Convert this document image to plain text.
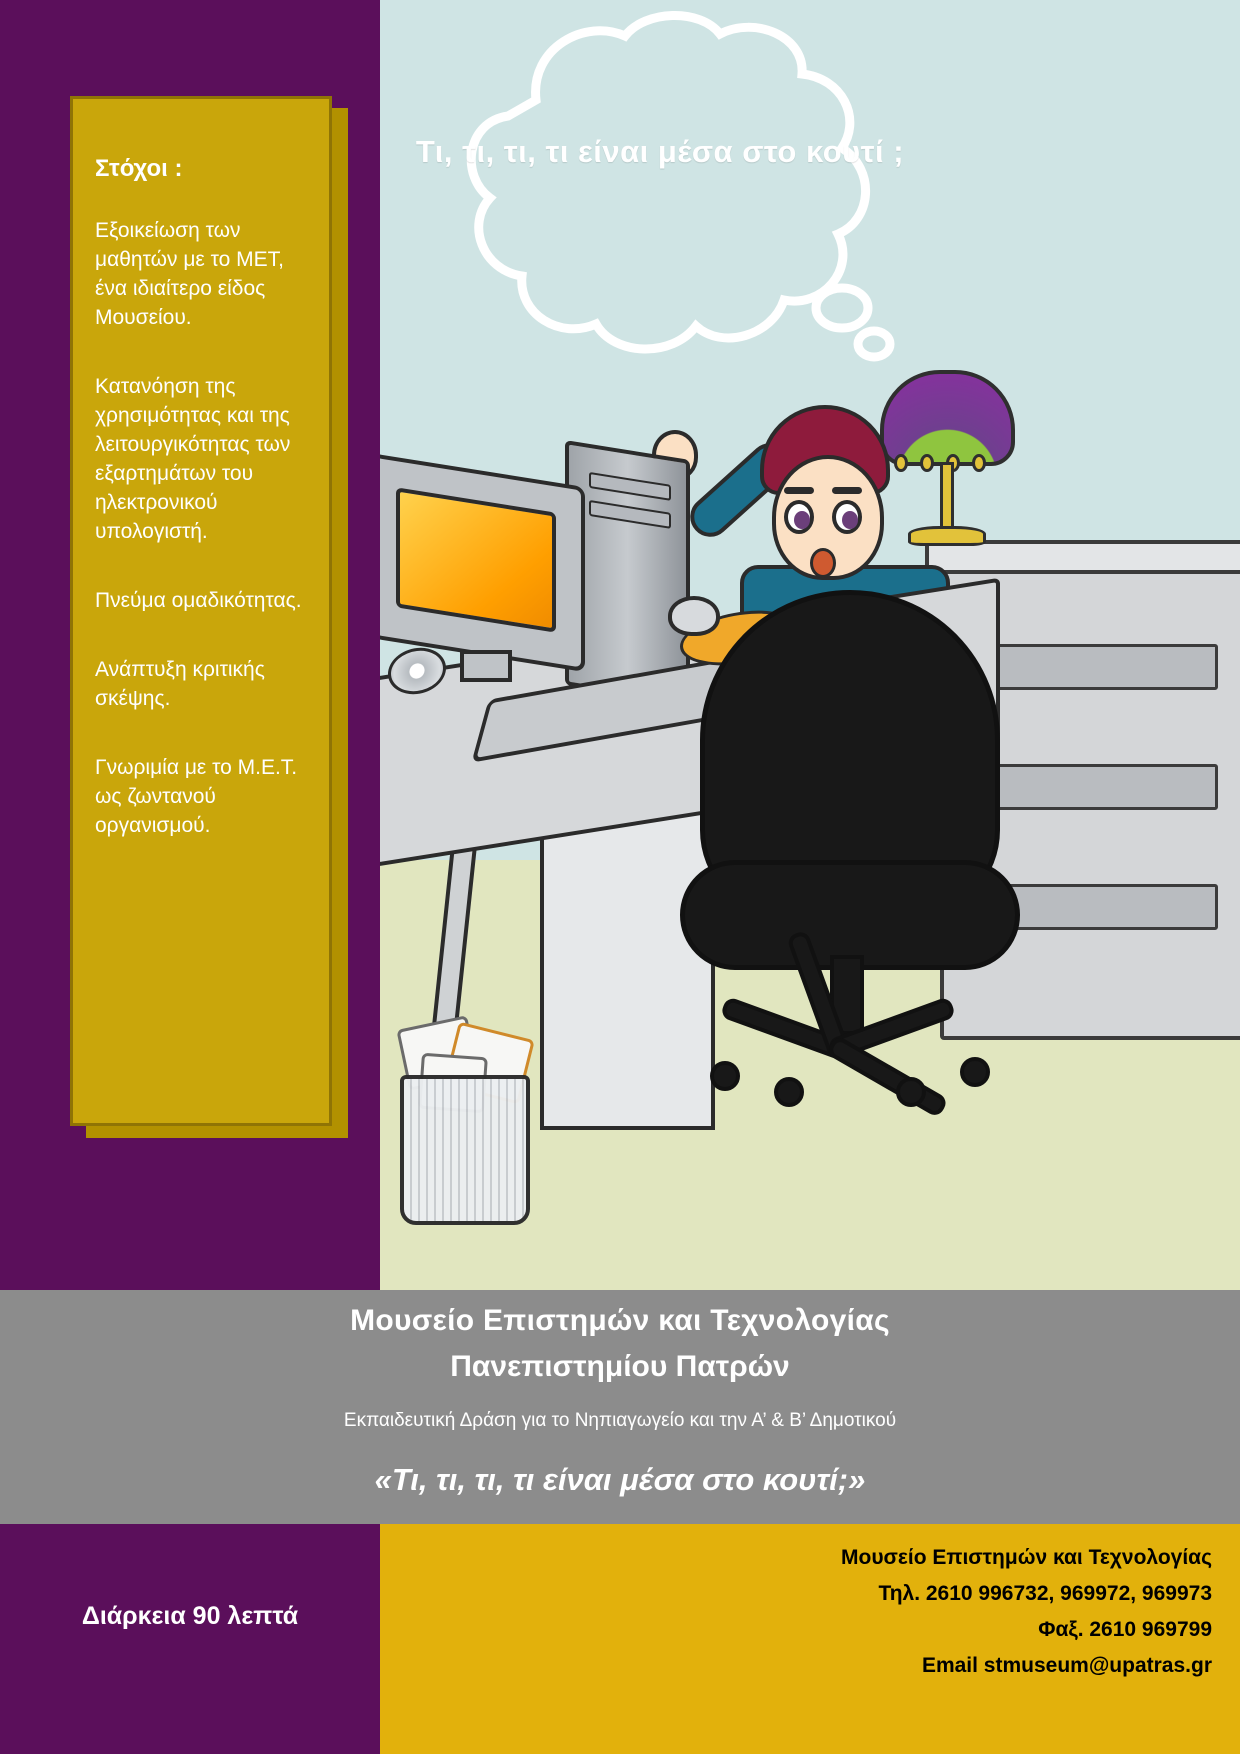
Τι, τι, τι, τι είναι μέσα στο κουτί ;
Στόχοι :
Εξοικείωση των μαθητών με το ΜΕΤ, ένα ιδιαίτερο είδος Μουσείου.
Κατανόηση της χρησιμότητας και της λειτουργικότητας των εξαρτημάτων του ηλεκτρονικού υπολογιστή.
Πνεύμα ομαδικότητας.
Ανάπτυξη κριτικής σκέψης.
Γνωριμία με το Μ.Ε.Τ. ως ζωντανού οργανισμού.
Μουσείο Επιστημών και Τεχνολογίας
Πανεπιστημίου Πατρών
Εκπαιδευτική Δράση για το Νηπιαγωγείο και την Α’ & Β’ Δημοτικού
«Τι, τι, τι, τι είναι μέσα στο κουτί;»
Διάρκεια 90 λεπτά
Μουσείο Επιστημών και Τεχνολογίας
Τηλ. 2610 996732, 969972, 969973
Φαξ. 2610 969799
Email stmuseum@upatras.gr
